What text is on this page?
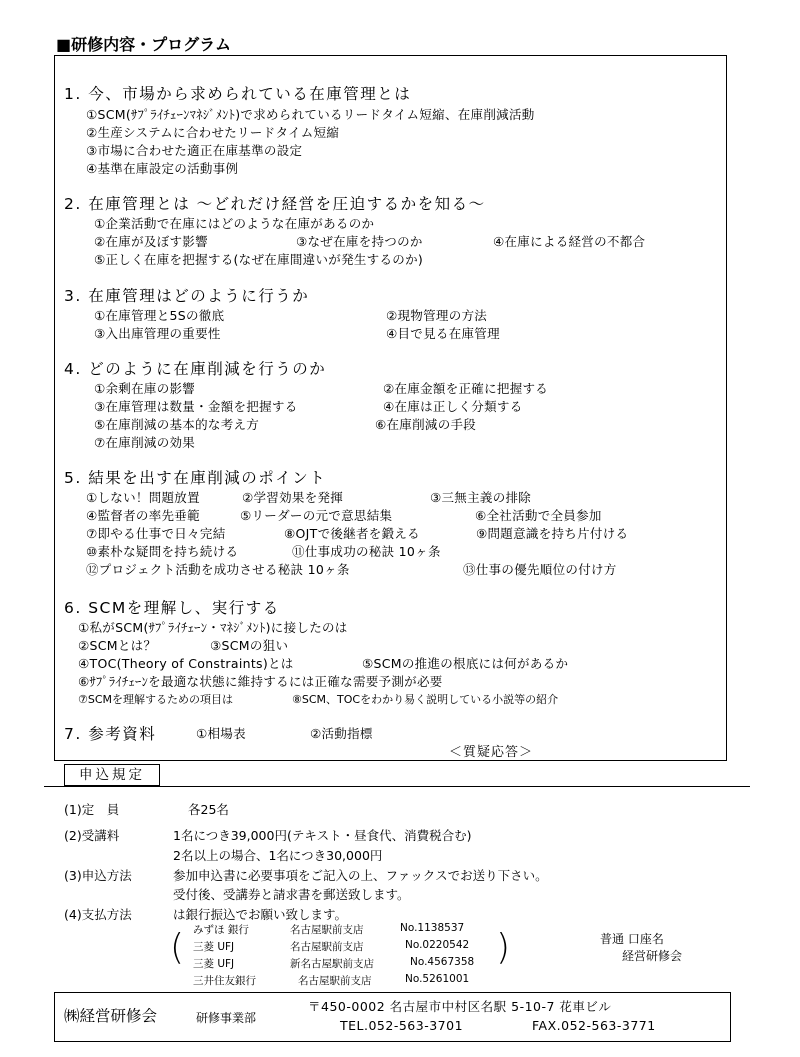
■研修内容・プログラム
1. 今、市場から求められている在庫管理とは
①SCM(ｻﾌﾟﾗｲﾁｪｰﾝﾏﾈｼﾞﾒﾝﾄ)で求められているリードタイム短縮、在庫削減活動
②生産システムに合わせたリードタイム短縮
③市場に合わせた適正在庫基準の設定
④基準在庫設定の活動事例
2. 在庫管理とは ～どれだけ経営を圧迫するかを知る～
①企業活動で在庫にはどのような在庫があるのか
②在庫が及ぼす影響	③なぜ在庫を持つのか	④在庫による経営の不都合
⑤正しく在庫を把握する(なぜ在庫間違いが発生するのか)
3. 在庫管理はどのように行うか
①在庫管理と5Sの徹底	②現物管理の方法
③入出庫管理の重要性	④目で見る在庫管理
4. どのように在庫削減を行うのか
①余剰在庫の影響	②在庫金額を正確に把握する
③在庫管理は数量・金額を把握する	④在庫は正しく分類する
⑤在庫削減の基本的な考え方	⑥在庫削減の手段
⑦在庫削減の効果
5. 結果を出す在庫削減のポイント
①しない！問題放置	②学習効果を発揮	③三無主義の排除
④監督者の率先垂範	⑤リーダーの元で意思結集	⑥全社活動で全員参加
⑦即やる仕事で日々完結	⑧OJTで後継者を鍛える	⑨問題意識を持ち片付ける
⑩素朴な疑問を持ち続ける	⑪仕事成功の秘訣 10ヶ条
⑫プロジェクト活動を成功させる秘訣 10ヶ条	⑬仕事の優先順位の付け方
6. SCMを理解し、実行する
①私がSCM(ｻﾌﾟﾗｲﾁｪｰﾝ・ﾏﾈｼﾞﾒﾝﾄ)に接したのは
②SCMとは？	③SCMの狙い
④TOC(Theory of Constraints)とは	⑤SCMの推進の根底には何があるか
⑥ｻﾌﾟﾗｲﾁｪｰﾝを最適な状態に維持するには正確な需要予測が必要
⑦SCMを理解するための項目は	⑧SCM、TOCをわかり易く説明している小説等の紹介
7. 参考資料	①相場表	②活動指標
＜質疑応答＞
申込規定
(1)定　員	各25名
(2)受講料	1名につき39,000円(テキスト・昼食代、消費税合む)
2名以上の場合、1名につき30,000円
(3)申込方法	参加申込書に必要事項をご記入の上、ファックスでお送り下さい。
受付後、受講券と請求書を郵送致します。
(4)支払方法	は銀行振込でお願い致します。
(	)
みずほ 銀行	名古屋駅前支店	No.1138537
三菱 UFJ	名古屋駅前支店	No.0220542
三菱 UFJ	新名古屋駅前支店	No.4567358
三井住友銀行	名古屋駅前支店	No.5261001
普通 口座名
経営研修会
㈱経営研修会	研修事業部
〒450-0002 名古屋市中村区名駅 5-10-7 花車ビル
TEL.052-563-3701	FAX.052-563-3771
